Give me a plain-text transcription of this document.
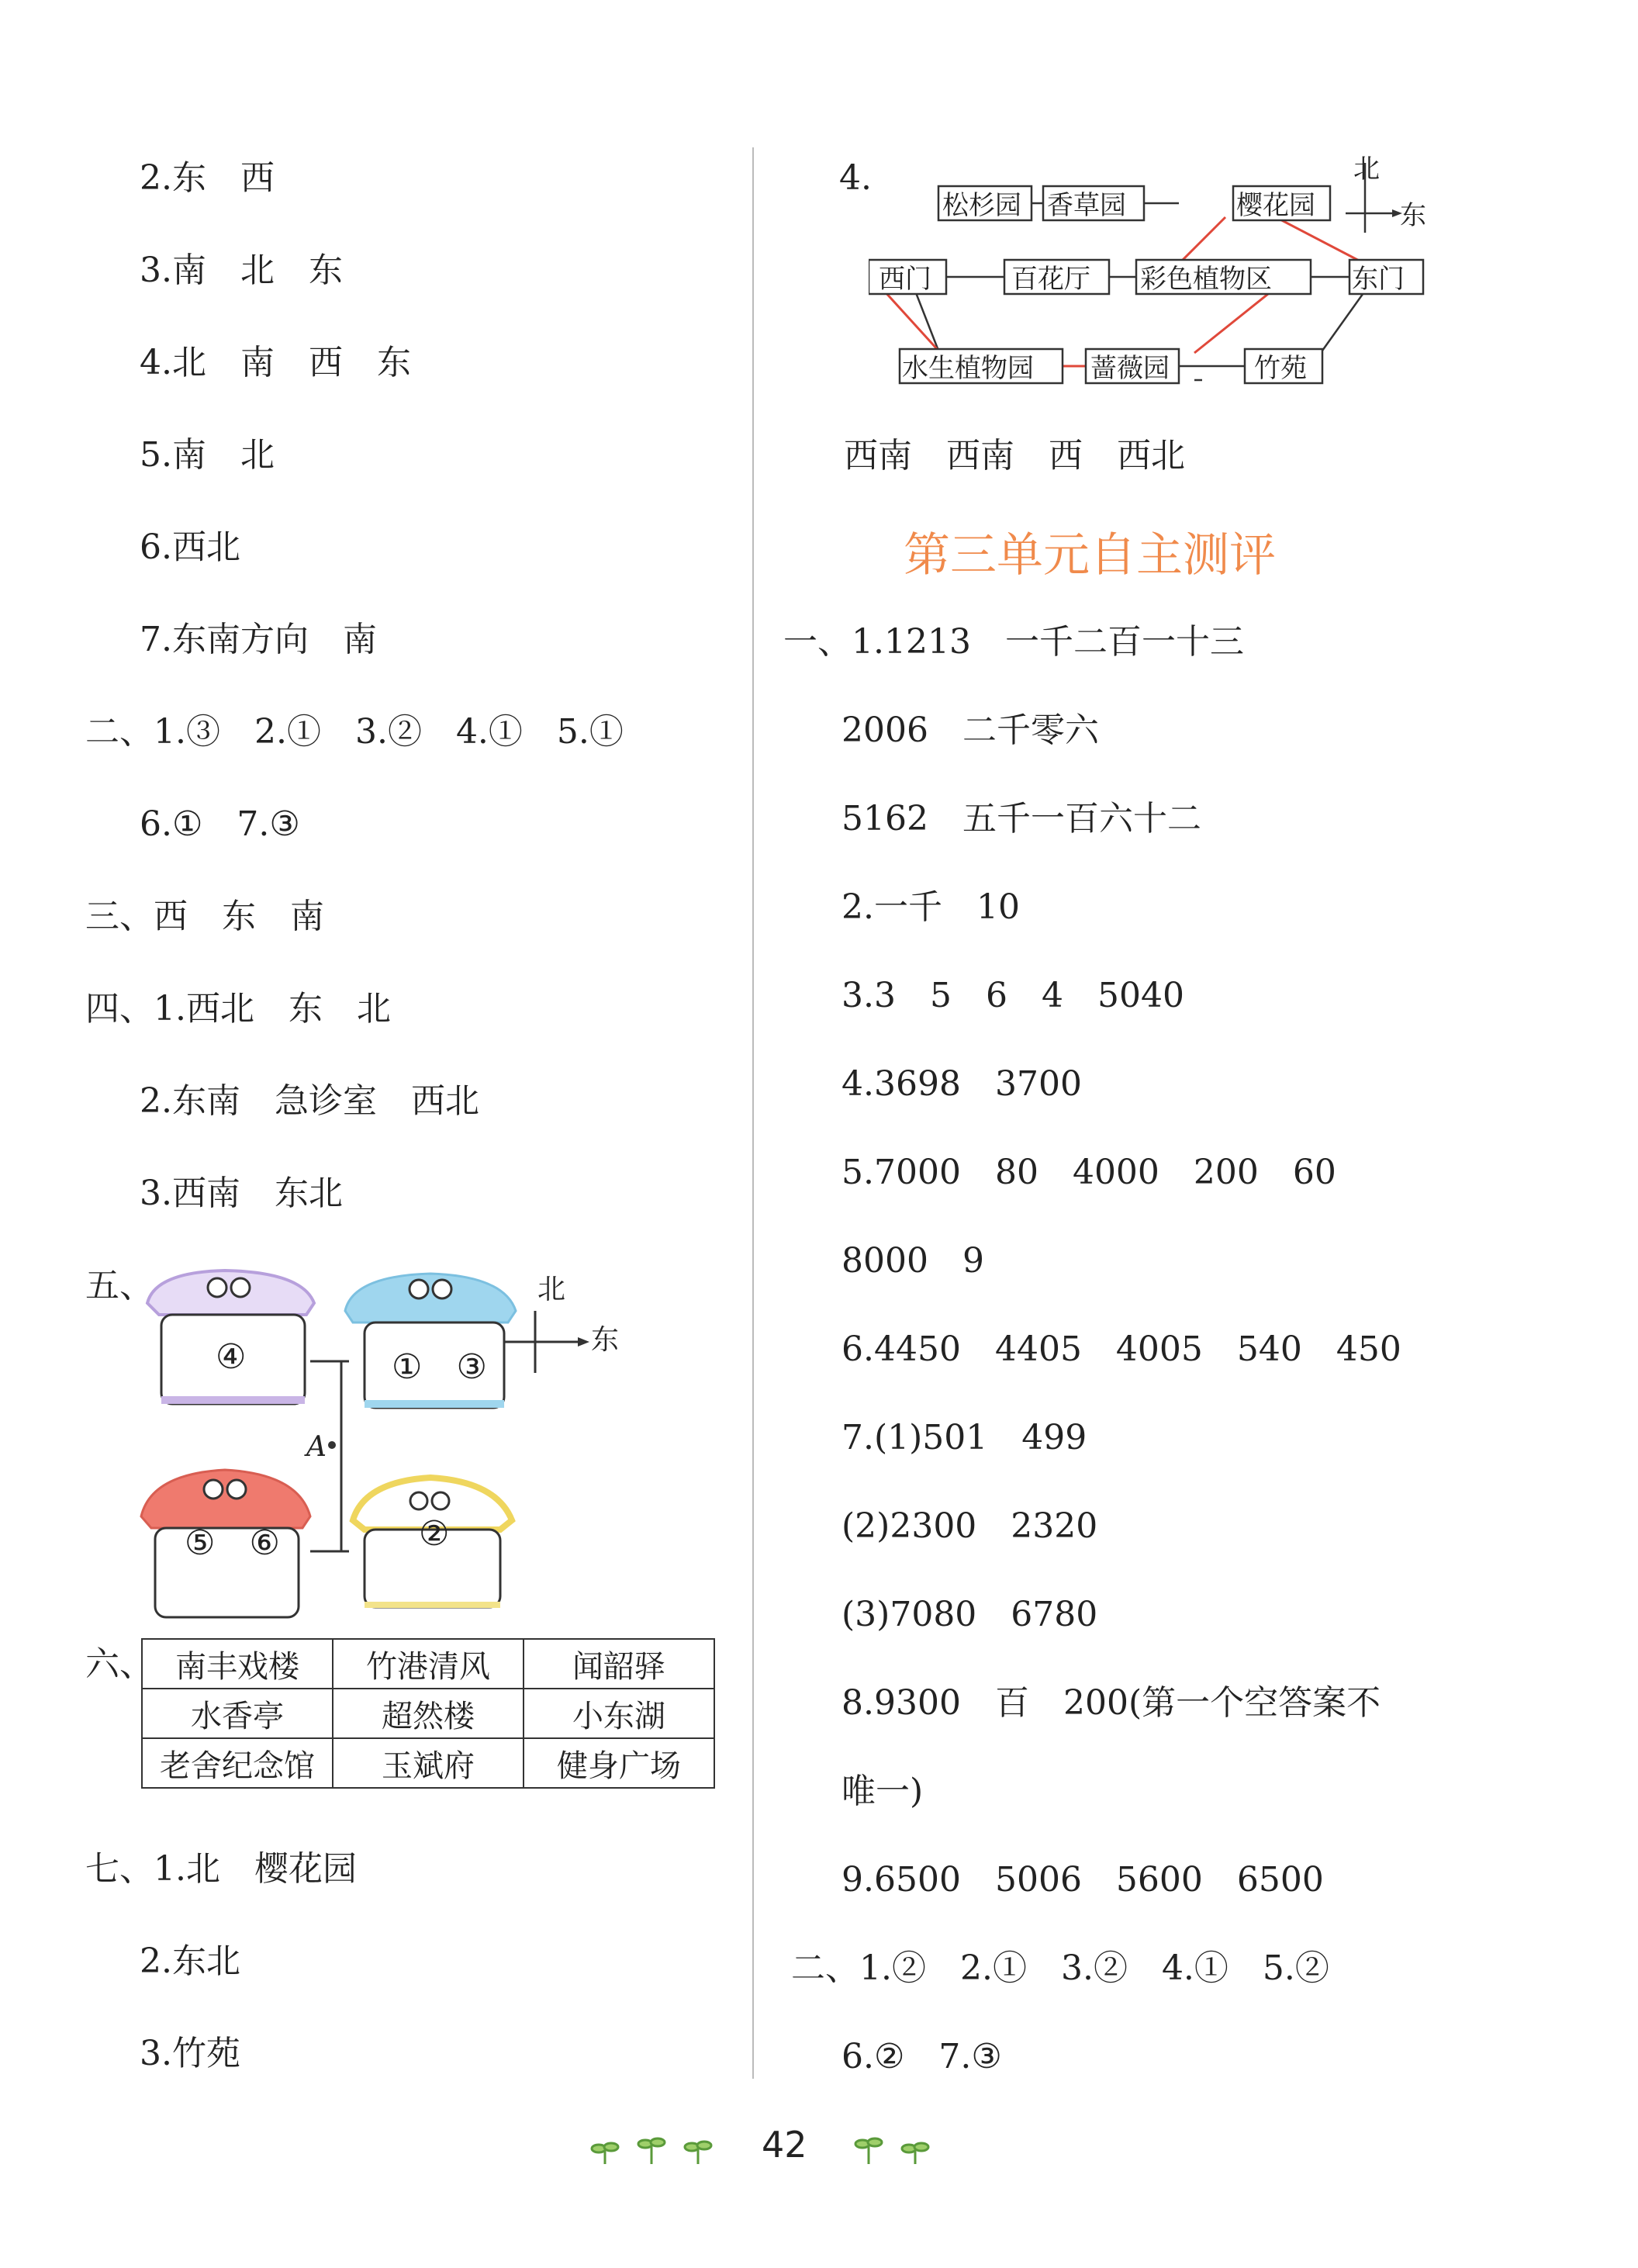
2.东　西
3.南　北　东
4.北　南　西　东
5.南　北
6.西北
7.东南方向　南
二、1.③　2.①　3.②　4.①　5.①
6.①　7.③
三、西　东　南
四、1.西北　东　北
2.东南　急诊室　西北
3.西南　东北
五、
④	①　③
⑤　⑥	②
A
北
东
六、 南丰戏楼	竹港清风	闻韶驿
水香亭	超然楼	小东湖
老舍纪念馆	玉斌府	健身广场
七、1.北　樱花园
2.东北
3.竹苑
4.
松杉园 香草园	樱花园
西门	百花厅 彩色植物区	东门
水生植物园 蔷薇园	竹苑
北
东
西南　西南　西　西北
第三单元自主测评
一、1.1213　一千二百一十三
2006　二千零六
5162　五千一百六十二
2.一千　10
3.3　5　6　4　5040
4.3698　3700
5.7000　80　4000　200　60
8000　9
6.4450　4405　4005　540　450
7.(1)501　499
(2)2300　2320
(3)7080　6780
8.9300　百　200(第一个空答案不
唯一)
9.6500　5006　5600　6500
二、1.②　2.①　3.②　4.①　5.②
6.②　7.③
42
